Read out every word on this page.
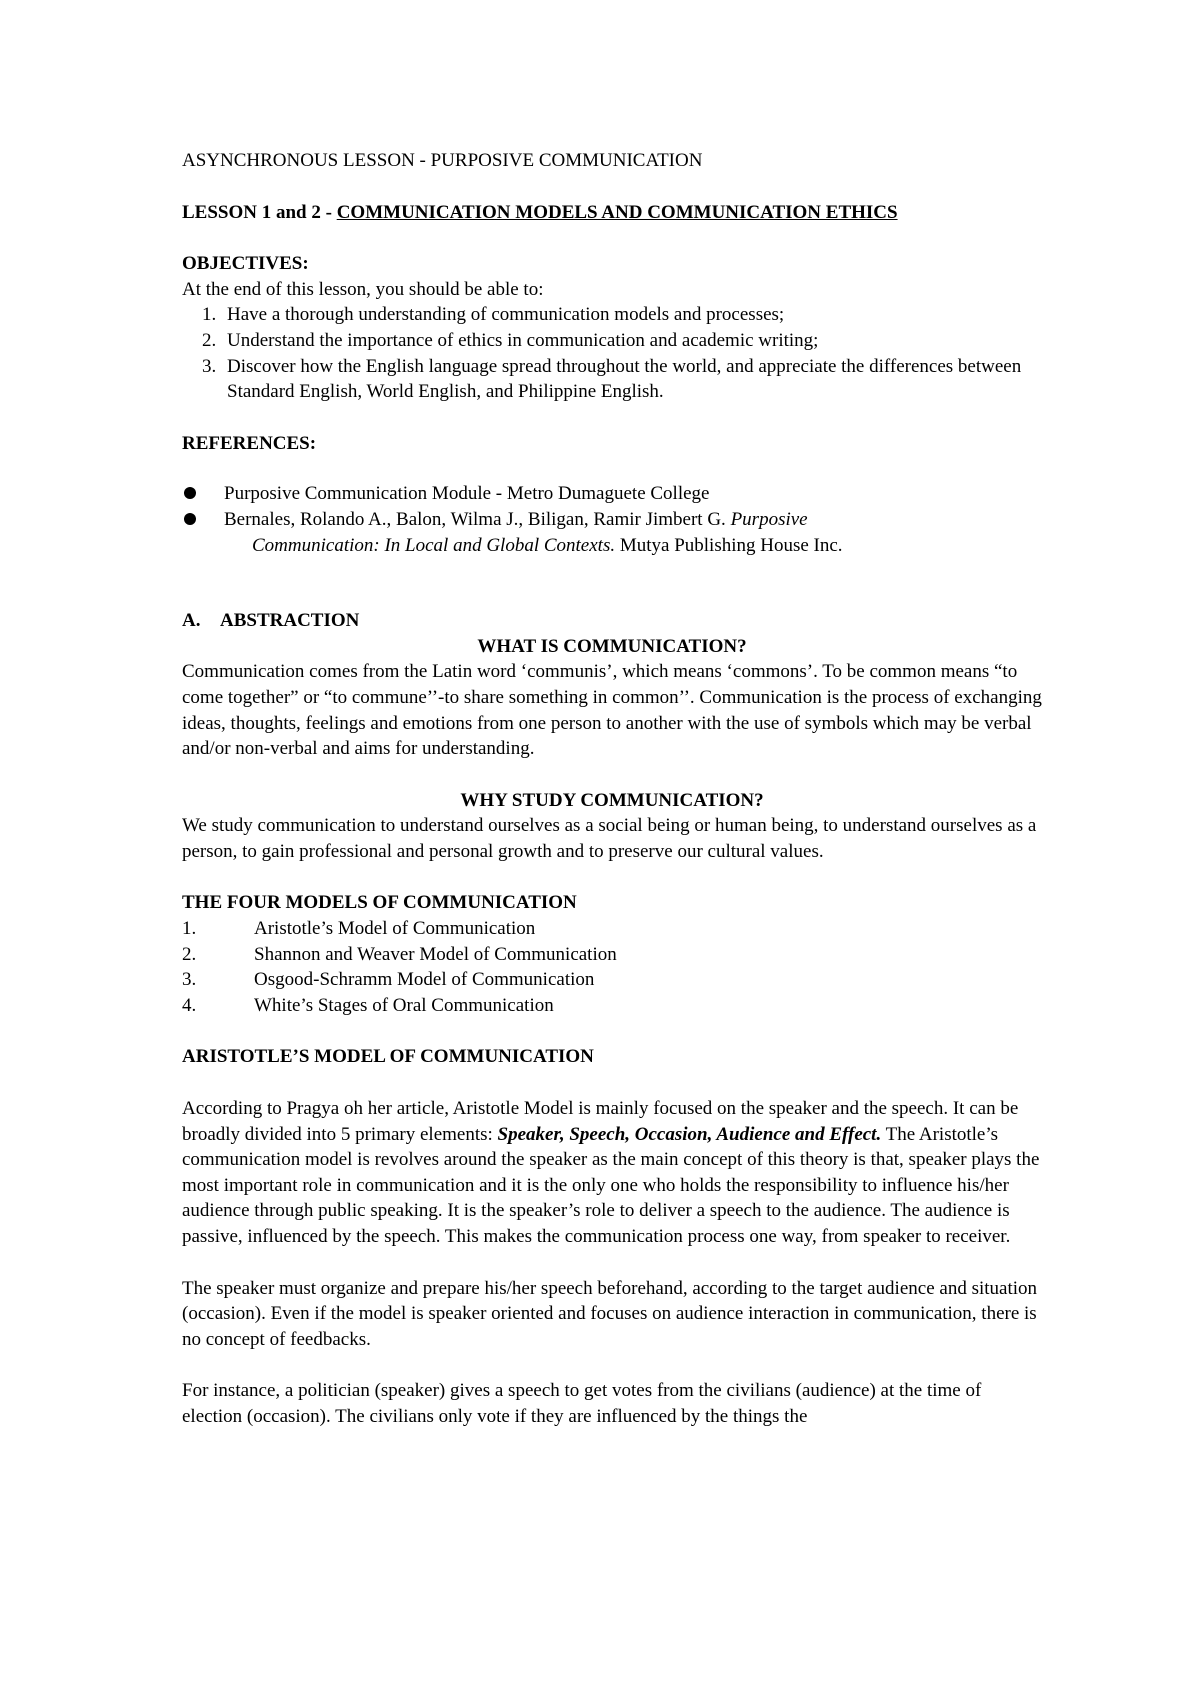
ASYNCHRONOUS LESSON - PURPOSIVE COMMUNICATION

LESSON 1 and 2 - COMMUNICATION MODELS AND COMMUNICATION ETHICS

OBJECTIVES:

At the end of this lesson, you should be able to:

1. Have a thorough understanding of communication models and processes;
2. Understand the importance of ethics in communication and academic writing;
3. Discover how the English language spread throughout the world, and appreciate the differences between Standard English, World English, and Philippine English.

REFERENCES:

Purposive Communication Module - Metro Dumaguete College
Bernales, Rolando A., Balon, Wilma J., Biligan, Ramir Jimbert G. Purposive
Communication: In Local and Global Contexts. Mutya Publishing House Inc.

A. ABSTRACTION

WHAT IS COMMUNICATION?

Communication comes from the Latin word ‘communis’, which means ‘commons’. To be common means “to come together” or “to commune’’-to share something in common’’. Communication is the process of exchanging ideas, thoughts, feelings and emotions from one person to another with the use of symbols which may be verbal and/or non-verbal and aims for understanding.

WHY STUDY COMMUNICATION?

We study communication to understand ourselves as a social being or human being, to understand ourselves as a person, to gain professional and personal growth and to preserve our cultural values.

THE FOUR MODELS OF COMMUNICATION

1.	Aristotle’s Model of Communication
2.	Shannon and Weaver Model of Communication
3.	Osgood-Schramm Model of Communication
4.	White’s Stages of Oral Communication

ARISTOTLE’S MODEL OF COMMUNICATION

According to Pragya oh her article, Aristotle Model is mainly focused on the speaker and the speech. It can be broadly divided into 5 primary elements: Speaker, Speech, Occasion, Audience and Effect. The Aristotle’s communication model is revolves around the speaker as the main concept of this theory is that, speaker plays the most important role in communication and it is the only one who holds the responsibility to influence his/her audience through public speaking. It is the speaker’s role to deliver a speech to the audience. The audience is passive, influenced by the speech. This makes the communication process one way, from speaker to receiver.

The speaker must organize and prepare his/her speech beforehand, according to the target audience and situation (occasion). Even if the model is speaker oriented and focuses on audience interaction in communication, there is no concept of feedbacks.

For instance, a politician (speaker) gives a speech to get votes from the civilians (audience) at the time of election (occasion). The civilians only vote if they are influenced by the things the
